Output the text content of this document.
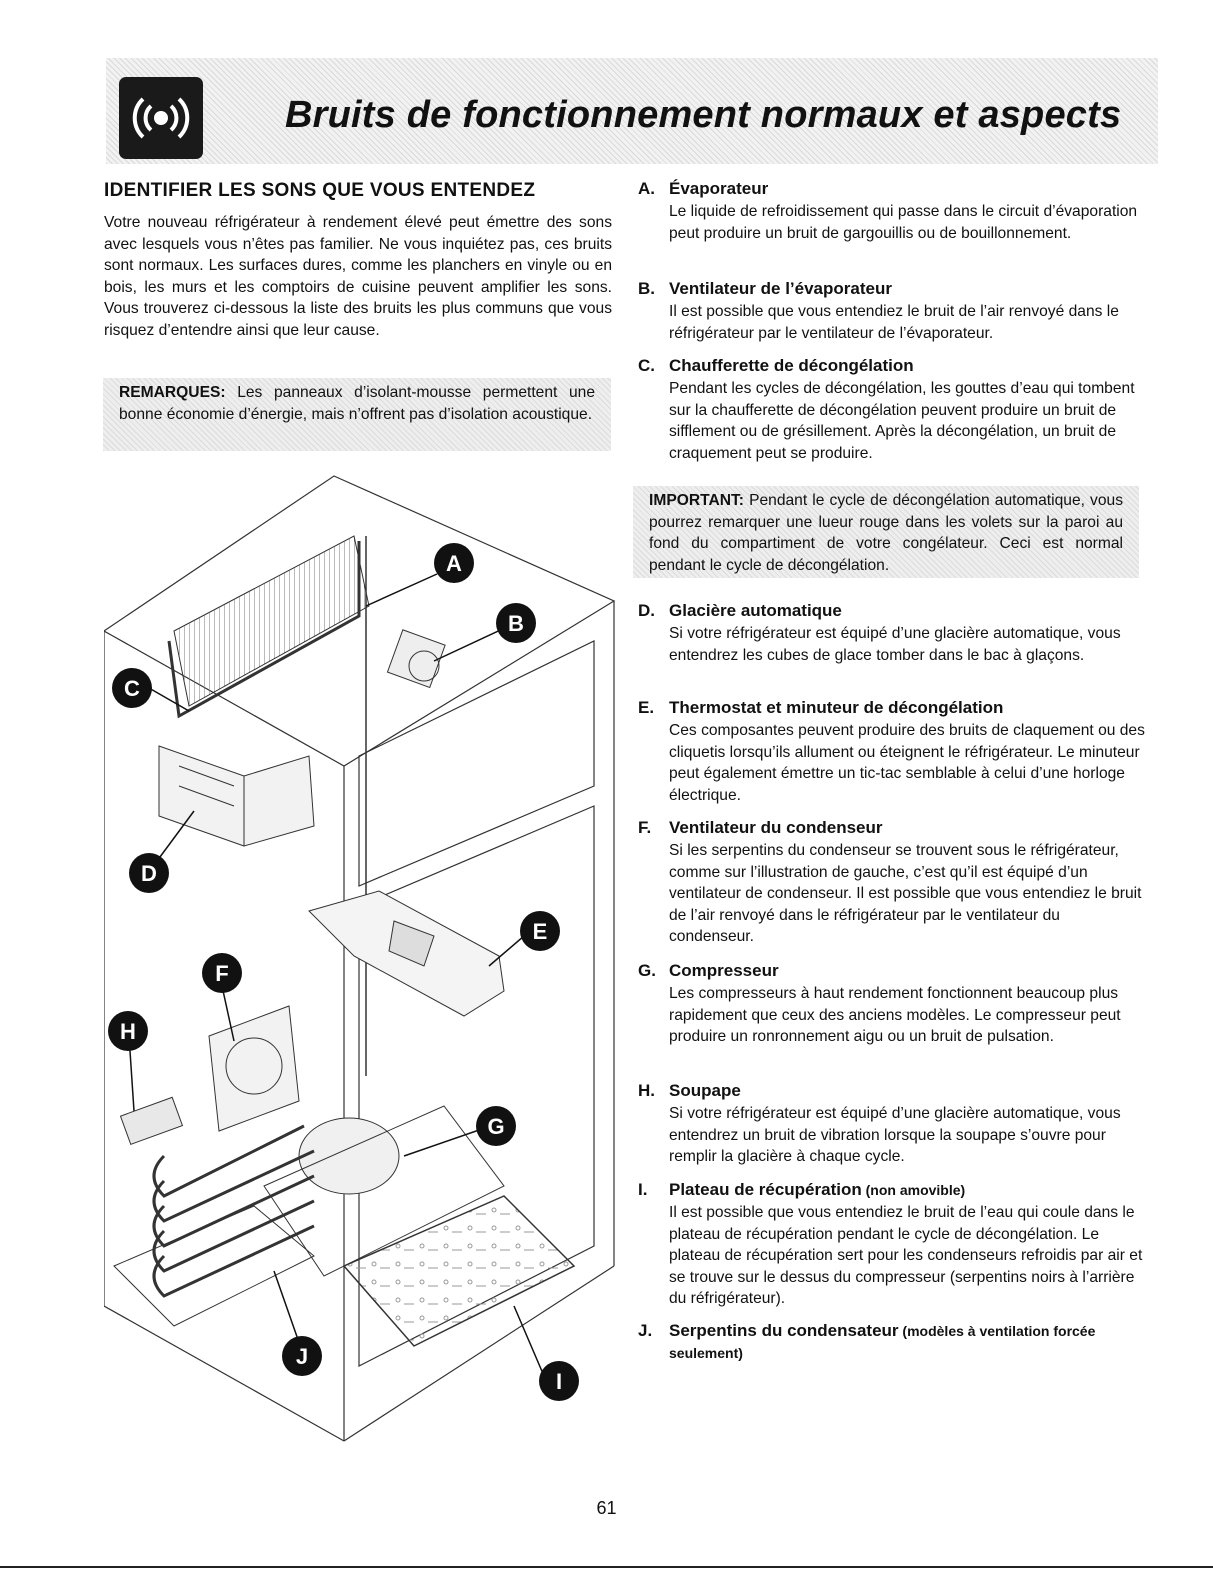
Bruits de fonctionnement normaux et aspects
IDENTIFIER LES SONS QUE VOUS ENTENDEZ

Votre nouveau réfrigérateur à rendement élevé peut émettre des sons avec lesquels vous n’êtes pas familier. Ne vous inquiétez pas, ces bruits sont normaux. Les surfaces dures, comme les planchers en vinyle ou en bois, les murs et les comptoirs de cuisine peuvent amplifier les sons. Vous trouverez ci-dessous la liste des bruits les plus communs que vous risquez d’entendre ainsi que leur cause.

REMARQUES: Les panneaux d’isolant-mousse permettent une bonne économie d’énergie, mais n’offrent pas d’isolation acoustique.
A
B
C
D
E
F
H
G
I
J
A. Évaporateur
Le liquide de refroidissement qui passe dans le circuit d’évaporation peut produire un bruit de gargouillis ou de bouillonnement.
B. Ventilateur de l’évaporateur
Il est possible que vous entendiez le bruit de l’air renvoyé dans le réfrigérateur par le ventilateur de l’évaporateur.
C. Chaufferette de décongélation
Pendant les cycles de décongélation, les gouttes d’eau qui tombent sur la chaufferette de décongélation peuvent produire un bruit de sifflement ou de grésillement. Après la décongélation, un bruit de craquement peut se produire.
IMPORTANT: Pendant le cycle de décongélation automatique, vous pourrez remarquer une lueur rouge dans les volets sur la paroi au fond du compartiment de votre congélateur. Ceci est normal pendant le cycle de décongélation.
D. Glacière automatique
Si votre réfrigérateur est équipé d’une glacière automatique, vous entendrez les cubes de glace tomber dans le bac à glaçons.
E. Thermostat et minuteur de décongélation
Ces composantes peuvent produire des bruits de claquement ou des cliquetis lorsqu’ils allument ou éteignent le réfrigérateur. Le minuteur peut également émettre un tic-tac semblable à celui d’une horloge électrique.
F. Ventilateur du condenseur
Si les serpentins du condenseur se trouvent sous le réfrigérateur, comme sur l’illustration de gauche, c’est qu’il est équipé d’un ventilateur de condenseur. Il est possible que vous entendiez le bruit de l’air renvoyé dans le réfrigérateur par le ventilateur du condenseur.
G. Compresseur
Les compresseurs à haut rendement fonctionnent beaucoup plus rapidement que ceux des anciens modèles. Le compresseur peut produire un ronronnement aigu ou un bruit de pulsation.
H. Soupape
Si votre réfrigérateur est équipé d’une glacière automatique, vous entendrez un bruit de vibration lorsque la soupape s’ouvre pour remplir la glacière à chaque cycle.
I. Plateau de récupération (non amovible)
Il est possible que vous entendiez le bruit de l’eau qui coule dans le plateau de récupération pendant le cycle de décongélation. Le plateau de récupération sert pour les condenseurs refroidis par air et se trouve sur le dessus du compresseur (serpentins noirs à l’arrière du réfrigérateur).
J. Serpentins du condensateur (modèles à ventilation forcée seulement)
61
